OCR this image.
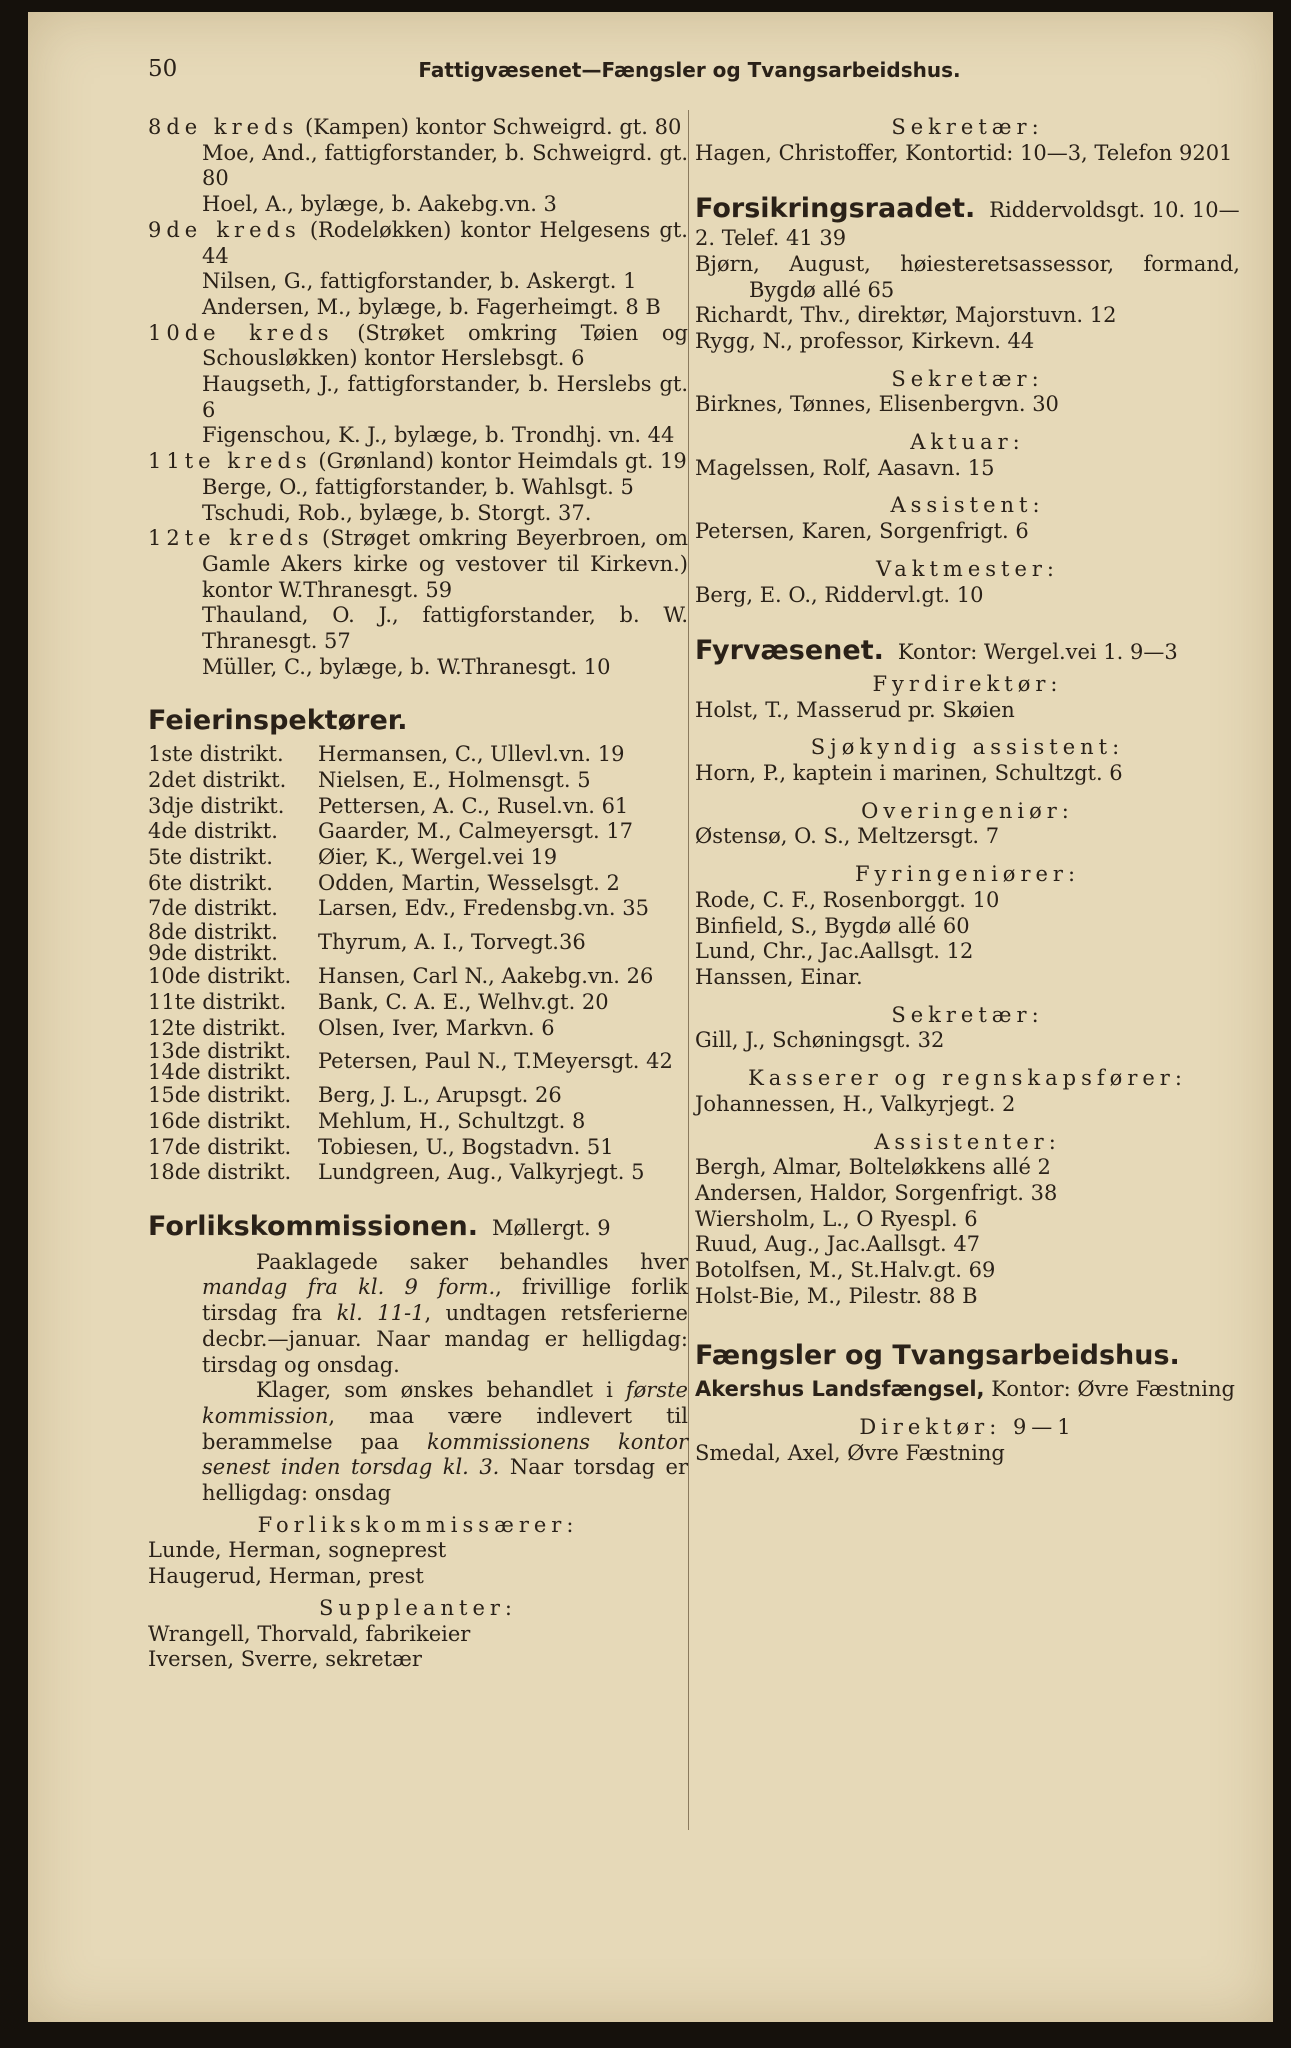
50	Fattigvæsenet—Fængsler og Tvangsarbeidshus.

8de kreds (Kampen) kontor Schweigrd. gt. 80

Moe, And., fattigforstander, b. Schweigrd. gt. 80

Hoel, A., bylæge, b. Aakebg.vn. 3

9de kreds (Rodeløkken) kontor Helgesens gt. 44

Nilsen, G., fattigforstander, b. Askergt. 1

Andersen, M., bylæge, b. Fagerheimgt. 8 B

10de kreds (Strøket omkring Tøien og Schousløkken) kontor Herslebsgt. 6

Haugseth, J., fattigforstander, b. Herslebs gt. 6

Figenschou, K. J., bylæge, b. Trondhj. vn. 44

11te kreds (Grønland) kontor Heimdals gt. 19

Berge, O., fattigforstander, b. Wahlsgt. 5

Tschudi, Rob., bylæge, b. Storgt. 37.

12te kreds (Strøget omkring Beyerbroen, om Gamle Akers kirke og vestover til Kirkevn.) kontor W.Thranesgt. 59

Thauland, O. J., fattigforstander, b. W. Thranesgt. 57

Müller, C., bylæge, b. W.Thranesgt. 10

Feierinspektører.
1ste distrikt.	Hermansen, C., Ullevl.vn. 19
2det distrikt.	Nielsen, E., Holmensgt. 5
3dje distrikt.	Pettersen, A. C., Rusel.vn. 61
4de distrikt.	Gaarder, M., Calmeyersgt. 17
5te distrikt.	Øier, K., Wergel.vei 19
6te distrikt.	Odden, Martin, Wesselsgt. 2
7de distrikt.	Larsen, Edv., Fredensbg.vn. 35

8de distrikt.
9de distrikt.	Thyrum, A. I., Torvegt.36
10de distrikt.	Hansen, Carl N., Aakebg.vn. 26
11te distrikt.	Bank, C. A. E., Welhv.gt. 20
12te distrikt.	Olsen, Iver, Markvn. 6

13de distrikt.
14de distrikt.	Petersen, Paul N., T.Meyersgt. 42
15de distrikt.	Berg, J. L., Arupsgt. 26
16de distrikt.	Mehlum, H., Schultzgt. 8
17de distrikt.	Tobiesen, U., Bogstadvn. 51
18de distrikt.	Lundgreen, Aug., Valkyrjegt. 5
Forlikskommissionen. Møllergt. 9

Paaklagede saker behandles hver mandag fra kl. 9 form., frivillige forlik tirsdag fra kl. 11-1, undtagen retsferierne decbr.—januar. Naar mandag er helligdag: tirsdag og onsdag.

Klager, som ønskes behandlet i første kommission, maa være indlevert til berammelse paa kommissionens kontor senest inden torsdag kl. 3. Naar torsdag er helligdag: onsdag

Forlikskommissærer:

Lunde, Herman, sogneprest

Haugerud, Herman, prest

Suppleanter:

Wrangell, Thorvald, fabrikeier

Iversen, Sverre, sekretær

Sekretær:

Hagen, Christoffer, Kontortid: 10—3, Telefon 9201

Forsikringsraadet. Riddervoldsgt. 10. 10—2. Telef. 41 39

Bjørn, August, høiesteretsassessor, formand, Bygdø allé 65

Richardt, Thv., direktør, Majorstuvn. 12

Rygg, N., professor, Kirkevn. 44

Sekretær:

Birknes, Tønnes, Elisenbergvn. 30

Aktuar:

Magelssen, Rolf, Aasavn. 15

Assistent:

Petersen, Karen, Sorgenfrigt. 6

Vaktmester:

Berg, E. O., Riddervl.gt. 10

Fyrvæsenet. Kontor: Wergel.vei 1. 9—3

Fyrdirektør:

Holst, T., Masserud pr. Skøien

Sjøkyndig assistent:

Horn, P., kaptein i marinen, Schultzgt. 6

Overingeniør:

Østensø, O. S., Meltzersgt. 7

Fyringeniører:

Rode, C. F., Rosenborggt. 10

Binfield, S., Bygdø allé 60

Lund, Chr., Jac.Aallsgt. 12

Hanssen, Einar.

Sekretær:

Gill, J., Schøningsgt. 32

Kasserer og regnskapsfører:

Johannessen, H., Valkyrjegt. 2

Assistenter:

Bergh, Almar, Bolteløkkens allé 2

Andersen, Haldor, Sorgenfrigt. 38

Wiersholm, L., O Ryespl. 6

Ruud, Aug., Jac.Aallsgt. 47

Botolfsen, M., St.Halv.gt. 69

Holst-Bie, M., Pilestr. 88 B

Fængsler og Tvangsarbeidshus.

Akershus Landsfængsel, Kontor: Øvre Fæstning

Direktør: 9—1

Smedal, Axel, Øvre Fæstning
